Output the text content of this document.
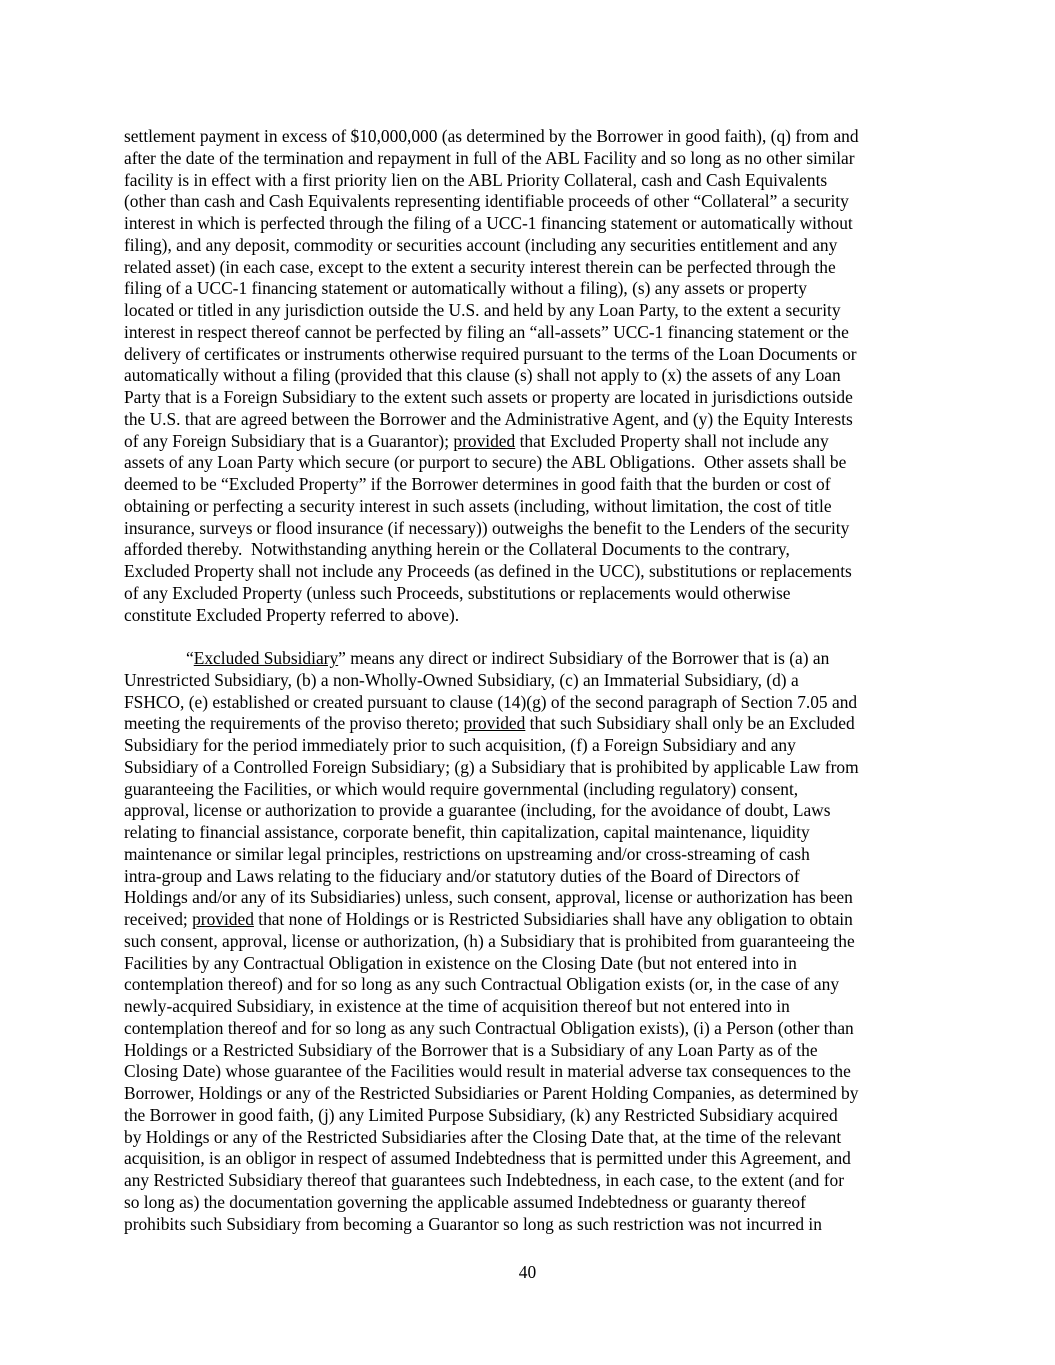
settlement payment in excess of $10,000,000 (as determined by the Borrower in good faith), (q) from and
after the date of the termination and repayment in full of the ABL Facility and so long as no other similar
facility is in effect with a first priority lien on the ABL Priority Collateral, cash and Cash Equivalents
(other than cash and Cash Equivalents representing identifiable proceeds of other “Collateral” a security
interest in which is perfected through the filing of a UCC-1 financing statement or automatically without
filing), and any deposit, commodity or securities account (including any securities entitlement and any
related asset) (in each case, except to the extent a security interest therein can be perfected through the
filing of a UCC-1 financing statement or automatically without a filing), (s) any assets or property
located or titled in any jurisdiction outside the U.S. and held by any Loan Party, to the extent a security
interest in respect thereof cannot be perfected by filing an “all-assets” UCC-1 financing statement or the
delivery of certificates or instruments otherwise required pursuant to the terms of the Loan Documents or
automatically without a filing (provided that this clause (s) shall not apply to (x) the assets of any Loan
Party that is a Foreign Subsidiary to the extent such assets or property are located in jurisdictions outside
the U.S. that are agreed between the Borrower and the Administrative Agent, and (y) the Equity Interests
of any Foreign Subsidiary that is a Guarantor); provided that Excluded Property shall not include any
assets of any Loan Party which secure (or purport to secure) the ABL Obligations.  Other assets shall be
deemed to be “Excluded Property” if the Borrower determines in good faith that the burden or cost of
obtaining or perfecting a security interest in such assets (including, without limitation, the cost of title
insurance, surveys or flood insurance (if necessary)) outweighs the benefit to the Lenders of the security
afforded thereby.  Notwithstanding anything herein or the Collateral Documents to the contrary,
Excluded Property shall not include any Proceeds (as defined in the UCC), substitutions or replacements
of any Excluded Property (unless such Proceeds, substitutions or replacements would otherwise
constitute Excluded Property referred to above).
“Excluded Subsidiary” means any direct or indirect Subsidiary of the Borrower that is (a) an
Unrestricted Subsidiary, (b) a non-Wholly-Owned Subsidiary, (c) an Immaterial Subsidiary, (d) a
FSHCO, (e) established or created pursuant to clause (14)(g) of the second paragraph of Section 7.05 and
meeting the requirements of the proviso thereto; provided that such Subsidiary shall only be an Excluded
Subsidiary for the period immediately prior to such acquisition, (f) a Foreign Subsidiary and any
Subsidiary of a Controlled Foreign Subsidiary; (g) a Subsidiary that is prohibited by applicable Law from
guaranteeing the Facilities, or which would require governmental (including regulatory) consent,
approval, license or authorization to provide a guarantee (including, for the avoidance of doubt, Laws
relating to financial assistance, corporate benefit, thin capitalization, capital maintenance, liquidity
maintenance or similar legal principles, restrictions on upstreaming and/or cross-streaming of cash
intra-group and Laws relating to the fiduciary and/or statutory duties of the Board of Directors of
Holdings and/or any of its Subsidiaries) unless, such consent, approval, license or authorization has been
received; provided that none of Holdings or is Restricted Subsidiaries shall have any obligation to obtain
such consent, approval, license or authorization, (h) a Subsidiary that is prohibited from guaranteeing the
Facilities by any Contractual Obligation in existence on the Closing Date (but not entered into in
contemplation thereof) and for so long as any such Contractual Obligation exists (or, in the case of any
newly-acquired Subsidiary, in existence at the time of acquisition thereof but not entered into in
contemplation thereof and for so long as any such Contractual Obligation exists), (i) a Person (other than
Holdings or a Restricted Subsidiary of the Borrower that is a Subsidiary of any Loan Party as of the
Closing Date) whose guarantee of the Facilities would result in material adverse tax consequences to the
Borrower, Holdings or any of the Restricted Subsidiaries or Parent Holding Companies, as determined by
the Borrower in good faith, (j) any Limited Purpose Subsidiary, (k) any Restricted Subsidiary acquired
by Holdings or any of the Restricted Subsidiaries after the Closing Date that, at the time of the relevant
acquisition, is an obligor in respect of assumed Indebtedness that is permitted under this Agreement, and
any Restricted Subsidiary thereof that guarantees such Indebtedness, in each case, to the extent (and for
so long as) the documentation governing the applicable assumed Indebtedness or guaranty thereof
prohibits such Subsidiary from becoming a Guarantor so long as such restriction was not incurred in
40
